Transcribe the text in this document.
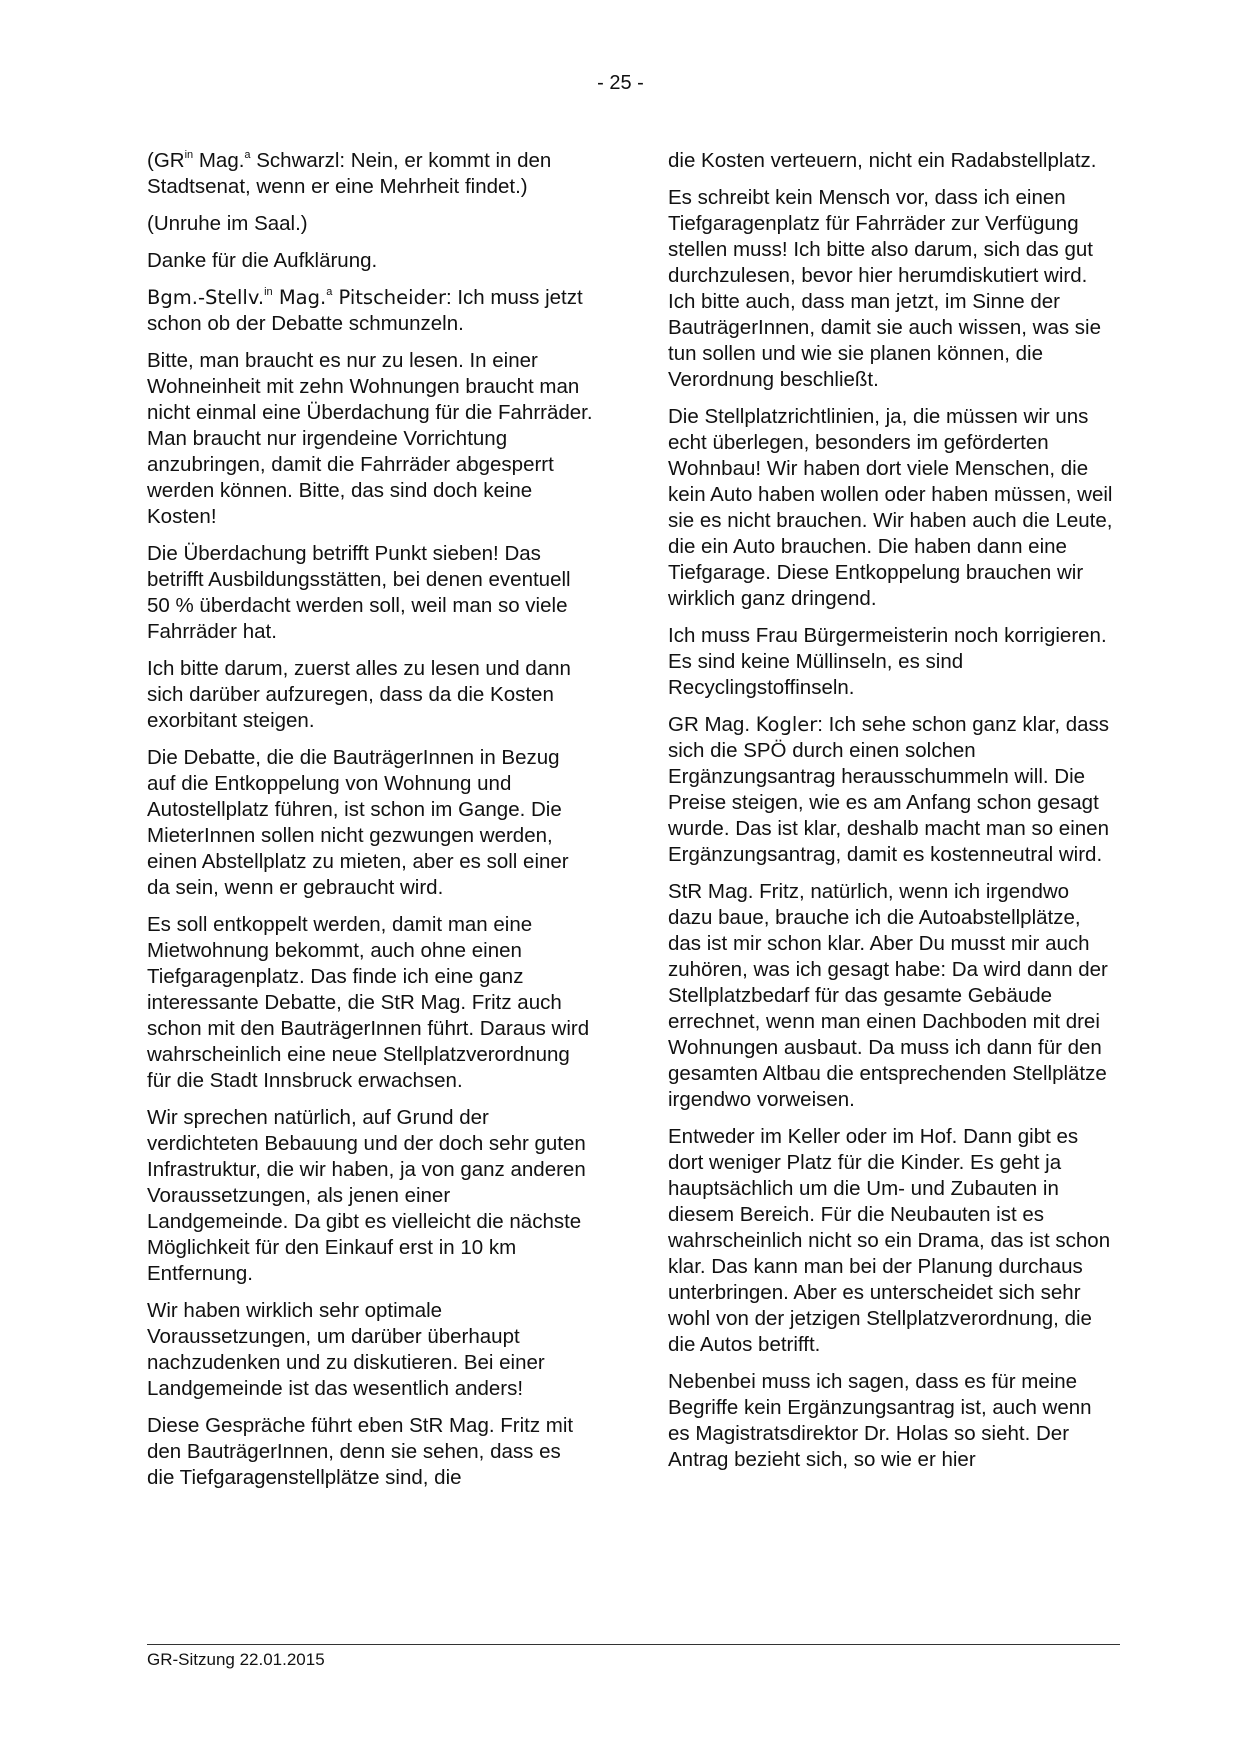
- 25 -

($GR^{in}$ Mag.$^a$ Schwarzl: Nein, er kommt in den Stadtsenat, wenn er eine Mehrheit findet.)

(Unruhe im Saal.)

Danke für die Aufklärung.

Bgm.-Stellv.$^{in}$ Mag.$^a$ Pitscheider: Ich muss jetzt schon ob der Debatte schmunzeln.

Bitte, man braucht es nur zu lesen. In einer Wohneinheit mit zehn Wohnungen braucht man nicht einmal eine Überdachung für die Fahrräder. Man braucht nur irgendeine Vorrichtung anzubringen, damit die Fahrräder abgesperrt werden können. Bitte, das sind doch keine Kosten!

Die Überdachung betrifft Punkt sieben! Das betrifft Ausbildungsstätten, bei denen eventuell 50 % überdacht werden soll, weil man so viele Fahrräder hat.

Ich bitte darum, zuerst alles zu lesen und dann sich darüber aufzuregen, dass da die Kosten exorbitant steigen.

Die Debatte, die die BauträgerInnen in Bezug auf die Entkoppelung von Wohnung und Autostellplatz führen, ist schon im Gange. Die MieterInnen sollen nicht gezwungen werden, einen Abstellplatz zu mieten, aber es soll einer da sein, wenn er gebraucht wird.

Es soll entkoppelt werden, damit man eine Mietwohnung bekommt, auch ohne einen Tiefgaragenplatz. Das finde ich eine ganz interessante Debatte, die StR Mag. Fritz auch schon mit den BauträgerInnen führt. Daraus wird wahrscheinlich eine neue Stellplatzverordnung für die Stadt Innsbruck erwachsen.

Wir sprechen natürlich, auf Grund der verdichteten Bebauung und der doch sehr guten Infrastruktur, die wir haben, ja von ganz anderen Voraussetzungen, als jenen einer Landgemeinde. Da gibt es vielleicht die nächste Möglichkeit für den Einkauf erst in 10 km Entfernung.

Wir haben wirklich sehr optimale Voraussetzungen, um darüber überhaupt nachzudenken und zu diskutieren. Bei einer Landgemeinde ist das wesentlich anders!

Diese Gespräche führt eben StR Mag. Fritz mit den BauträgerInnen, denn sie sehen, dass es die Tiefgaragenstellplätze sind, die

die Kosten verteuern, nicht ein Radabstellplatz.

Es schreibt kein Mensch vor, dass ich einen Tiefgaragenplatz für Fahrräder zur Verfügung stellen muss! Ich bitte also darum, sich das gut durchzulesen, bevor hier herumdiskutiert wird. Ich bitte auch, dass man jetzt, im Sinne der BauträgerInnen, damit sie auch wissen, was sie tun sollen und wie sie planen können, die Verordnung beschließt.

Die Stellplatzrichtlinien, ja, die müssen wir uns echt überlegen, besonders im geförderten Wohnbau! Wir haben dort viele Menschen, die kein Auto haben wollen oder haben müssen, weil sie es nicht brauchen. Wir haben auch die Leute, die ein Auto brauchen. Die haben dann eine Tiefgarage. Diese Entkoppelung brauchen wir wirklich ganz dringend.

Ich muss Frau Bürgermeisterin noch korrigieren. Es sind keine Müllinseln, es sind Recyclingstoffinseln.

GR Mag. Kogler: Ich sehe schon ganz klar, dass sich die SPÖ durch einen solchen Ergänzungsantrag herausschummeln will. Die Preise steigen, wie es am Anfang schon gesagt wurde. Das ist klar, deshalb macht man so einen Ergänzungsantrag, damit es kostenneutral wird.

StR Mag. Fritz, natürlich, wenn ich irgendwo dazu baue, brauche ich die Autoabstellplätze, das ist mir schon klar. Aber Du musst mir auch zuhören, was ich gesagt habe: Da wird dann der Stellplatzbedarf für das gesamte Gebäude errechnet, wenn man einen Dachboden mit drei Wohnungen ausbaut. Da muss ich dann für den gesamten Altbau die entsprechenden Stellplätze irgendwo vorweisen.

Entweder im Keller oder im Hof. Dann gibt es dort weniger Platz für die Kinder. Es geht ja hauptsächlich um die Um- und Zubauten in diesem Bereich. Für die Neubauten ist es wahrscheinlich nicht so ein Drama, das ist schon klar. Das kann man bei der Planung durchaus unterbringen. Aber es unterscheidet sich sehr wohl von der jetzigen Stellplatzverordnung, die die Autos betrifft.

Nebenbei muss ich sagen, dass es für meine Begriffe kein Ergänzungsantrag ist, auch wenn es Magistratsdirektor Dr. Holas so sieht. Der Antrag bezieht sich, so wie er hier

GR-Sitzung 22.01.2015
